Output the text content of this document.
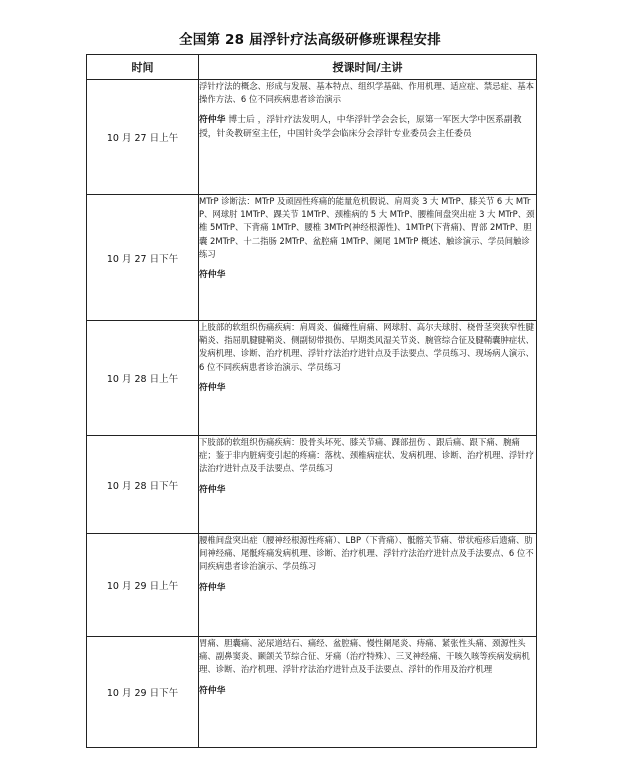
全国第 28 届浮针疗法高级研修班课程安排
时间	授课时间/主讲
10 月 27 日上午	浮针疗法的概念、形成与发展、基本特点、组织学基础、作用机理、适应症、禁忌症、基本操作方法、6 位不同疾病患者诊治演示
符仲华 博士后 ，浮针疗法发明人，中华浮针学会会长，原第一军医大学中医系副教授，针灸教研室主任，中国针灸学会临床分会浮针专业委员会主任委员

10 月 27 日下午	MTrP 诊断法：MTrP 及顽固性疼痛的能量危机假说、肩周炎 3 大 MTrP、膝关节 6 大 MTrP、网球肘 1MTrP、踝关节 1MTrP、颈椎病的 5 大 MTrP、腰椎间盘突出症 3 大 MTrP、颈椎 5MTrP、下背痛 1MTrP、腰椎 3MTrP(神经根源性)、1MTrP(下背痛)、胃部 2MTrP、胆囊 2MTrP、十二指肠 2MTrP、盆腔痛 1MTrP、阑尾 1MTrP 概述、触诊演示、学员间触诊练习
符仲华

10 月 28 日上午	上肢部的软组织伤痛疾病：肩周炎、偏瘫性肩痛、网球肘、高尔夫球肘、桡骨茎突狭窄性腱鞘炎、指屈肌腱腱鞘炎、侧副韧带损伤、早期类风湿关节炎、腕管综合征及腱鞘囊肿症状、发病机理、诊断、治疗机理、浮针疗法治疗进针点及手法要点、学员练习、现场病人演示、6 位不同疾病患者诊治演示、学员练习
符仲华

10 月 28 日下午	下肢部的软组织伤痛疾病：股骨头坏死、膝关节痛、踝部扭伤 、跟后痛、跟下痛、腕痛症；鉴于非内脏病变引起的疼痛：落枕、颈椎病症状、发病机理、诊断、治疗机理、浮针疗法治疗进针点及手法要点、学员练习
符仲华

10 月 29 日上午	腰椎间盘突出症（腰神经根源性疼痛）、LBP（下背痛）、骶髂关节痛、带状疱疹后遗痛、肋间神经痛、尾骶疼痛发病机理、诊断、治疗机理、浮针疗法治疗进针点及手法要点、6 位不同疾病患者诊治演示、学员练习
符仲华

10 月 29 日下午	胃痛、胆囊痛、泌尿道结石、痛经、盆腔痛、慢性阑尾炎、痔痛、紧张性头痛、颈源性头痛、副鼻窦炎、颞颌关节综合征、牙痛（治疗特殊）、三叉神经痛、干咳久咳等疾病发病机理、诊断、治疗机理、浮针疗法治疗进针点及手法要点、浮针的作用及治疗机理
符仲华
